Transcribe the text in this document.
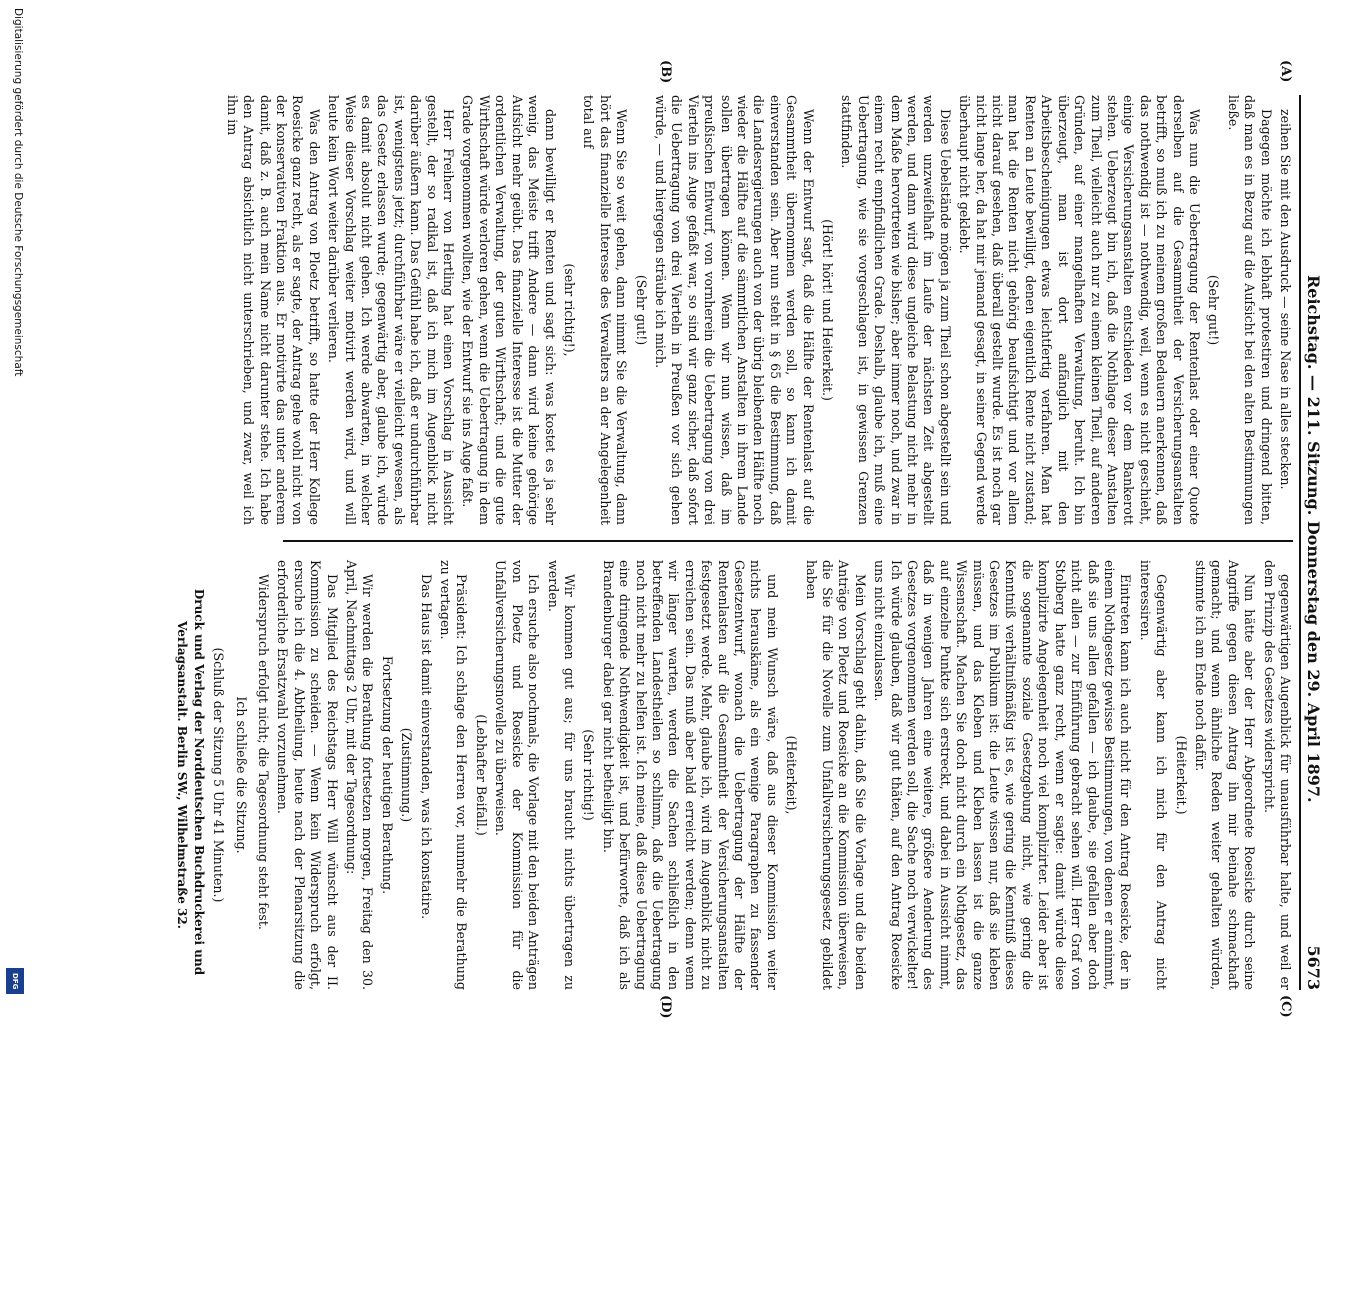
zeihen Sie mit den Ausdruck — seine Nase in alles stecken.

Dagegen möchte ich lebhaft protestiren und dringend bitten, daß man es in Bezug auf die Aufsicht bei den alten Bestimmungen ließe.

(Sehr gut!)

Was nun die Uebertragung der Rentenlast oder einer Quote derselben auf die Gesammtheit der Versicherungsanstalten betrifft, so muß ich zu meinem großen Bedauern anerkennen, daß das nothwendig ist — nothwendig, weil, wenn es nicht geschieht, einige Versicherungsanstalten entschieden vor dem Bankerott stehen. Ueberzeugt bin ich, daß die Nothlage dieser Anstalten zum Theil, vielleicht auch nur zu einem kleinen Theil, auf anderen Gründen, auf einer mangelhaften Verwaltung, beruht. Ich bin überzeugt, man ist dort anfänglich mit den Arbeitsbescheinigungen etwas leichtfertig verfahren. Man hat Renten an Leute bewilligt, denen eigentlich Rente nicht zustand; man hat die Renten nicht gehörig beaufsichtigt und vor allem nicht darauf gesehen, daß überall gestellt wurde. Es ist noch gar nicht lange her, da hat mir jemand gesagt, in seiner Gegend werde überhaupt nicht geklebt.

Diese Uebelstände mögen ja zum Theil schon abgestellt sein und werden unzweifelhaft im Laufe der nächsten Zeit abgestellt werden, und dann wird diese ungleiche Belastung nicht mehr in dem Maße hervortreten wie bisher; aber immer noch, und zwar in einem recht empfindlichen Grade. Deshalb, glaube ich, muß eine Uebertragung, wie sie vorgeschlagen ist, in gewissen Grenzen stattfinden.

(Hört! hört! und Heiterkeit.)

Wenn der Entwurf sagt, daß die Hälfte der Rentenlast auf die Gesammtheit übernommen werden soll, so kann ich damit einverstanden sein. Aber nun steht in § 65 die Bestimmung, daß die Landesregierungen auch von der übrig bleibenden Hälfte noch wieder die Hälfte auf die sämmtlichen Anstalten in ihrem Lande sollen übertragen können. Wenn wir nun wissen, daß im preußischen Entwurf, von vornherein die Uebertragung von drei Vierteln ins Auge gefaßt war, so sind wir ganz sicher, daß sofort die Uebertragung von drei Vierteln in Preußen vor sich gehen würde, — und hiergegen sträube ich mich.

(Sehr gut!)

Wenn Sie so weit gehen, dann nimmt Sie die Verwaltung, dann hört das finanzielle Interesse des Verwalters an der Angelegenheit total auf

(sehr richtig!),

dann bewilligt er Renten und sagt sich: was kostet es ja sehr wenig, das Meiste trifft Andere — dann wird keine gehörige Aufsicht mehr geübt. Das finanzielle Interesse ist die Mutter der ordentlichen Verwaltung, der guten Wirthschaft; und die gute Wirthschaft würde verloren gehen, wenn die Uebertragung in dem Grade vorgenommen wollten, wie der Entwurf sie ins Auge faßt.

Herr Freiherr von Hertling hat einen Vorschlag in Aussicht gestellt, der so radikal ist, daß ich mich im Augenblick nicht darüber äußern kann. Das Gefühl habe ich, daß er undurchführbar ist, wenigstens jetzt; durchführbar wäre er vielleicht gewesen, als das Gesetz erlassen wurde; gegenwärtig aber, glaube ich, würde es damit absolut nicht gehen. Ich werde abwarten, in welcher Weise dieser Vorschlag weiter motivirt werden wird, und will heute kein Wort weiter darüber verlieren.

Was den Antrag von Ploetz betrifft, so hatte der Herr Kollege Roesicke ganz recht, als er sagte, der Antrag gehe wohl nicht von der konservativen Fraktion aus. Er motivirte das unter anderem damit, daß z. B. auch mein Name nicht darunter stehe. Ich habe den Antrag absichtlich nicht unterschrieben, und zwar, weil ich ihn im

(A)
(B)

gegenwärtigen Augenblick für unausführbar halte, und weil er dem Prinzip des Gesetzes widerspricht.

Nun hätte aber der Herr Abgeordnete Roesicke durch seine Angriffe gegen diesen Antrag ihn mir beinahe schmackhaft gemacht; und wenn ähnliche Reden weiter gehalten würden, stimmte ich am Ende noch dafür.

(Heiterkeit.)

Gegenwärtig aber kann ich mich für den Antrag nicht interessiren.

Eintreten kann ich auch nicht für den Antrag Roesicke, der in einem Nothgesetz gewisse Bestimmungen, von denen er annimmt, daß sie uns allen gefallen — ich glaube, sie gefallen aber doch nicht allen — zur Einführung gebracht sehen will. Herr Graf von Stolberg hatte ganz recht, wenn er sagte: damit würde diese komplizirte Angelegenheit noch viel komplizirter. Leider aber ist die sogenannte soziale Gesetzgebung nicht, wie gering die Kenntniß verhältnißmäßig ist es, wie gering die Kenntniß dieses Gesetzes im Publikum ist: die Leute wissen nur, daß sie kleben müssen, und das Kleben und Kleben lassen ist die ganze Wissenschaft. Machen Sie doch nicht durch ein Nothgesetz, das auf einzelne Punkte sich erstreckt, und dabei in Aussicht nimmt, daß in wenigen Jahren eine weitere, größere Aenderung des Gesetzes vorgenommen werden soll, die Sache noch verwickelter! Ich würde glauben, daß wir gut thäten, auf den Antrag Roesicke uns nicht einzulassen.

Mein Vorschlag geht dahin, daß Sie die Vorlage und die beiden Anträge von Ploetz und Roesicke an die Kommission überweisen, die Sie für die Novelle zum Unfallversicherungsgesetz gebildet haben

(Heiterkeit),

und mein Wunsch wäre, daß aus dieser Kommission weiter nichts herauskäme, als ein wenige Paragraphen zu fassender Gesetzentwurf, wonach die Uebertragung der Hälfte der Rentenlasten auf die Gesammtheit der Versicherungsanstalten festgesetzt werde. Mehr, glaube ich, wird im Augenblick nicht zu erreichen sein. Das muß aber bald erreicht werden; denn wenn wir länger warten, werden die Sachen schließlich in den betreffenden Landestheilen so schlimm, daß die Uebertragung noch nicht mehr zu helfen ist. Ich meine, daß diese Uebertragung eine dringende Nothwendigkeit ist, und befürworte, daß ich als Brandenburger dabei gar nicht betheiligt bin.

(Sehr richtig!)

Wir kommen gut aus; für uns braucht nichts übertragen zu werden.

Ich ersuche also nochmals, die Vorlage mit den beiden Anträgen von Ploetz und Roesicke der Kommission für die Unfallversicherungsnovelle zu überweisen.

(Lebhafter Beifall.)

Präsident: Ich schlage den Herren vor, nunmehr die Berathung zu vertagen.

Das Haus ist damit einverstanden, was ich konstatire.

(Zustimmung.)

Fortsetzung der heutigen Berathung.

Wir werden die Berathung fortsetzen morgen, Freitag den 30. April, Nachmittags 2 Uhr, mit der Tagesordnung:

Das Mitglied des Reichstags Herr Will wünscht aus der II. Kommission zu scheiden. — Wenn kein Widerspruch erfolgt, ersuche ich die 4. Abtheilung, heute nach der Plenarsitzung die erforderliche Ersatzwahl vorzunehmen.

Widerspruch erfolgt nicht; die Tagesordnung steht fest.

Ich schließe die Sitzung.

(Schluß der Sitzung 5 Uhr 41 Minuten.)

Druck und Verlag der Norddeutschen Buchdruckerei und Verlagsanstalt. Berlin SW., Wilhelmstraße 32.

(C)
(D)
Reichstag. — 211. Sitzung. Donnerstag den 29. April 1897.
5673
Digitalisierung gefördert durch die Deutsche Forschungsgemeinschaft
DFG
